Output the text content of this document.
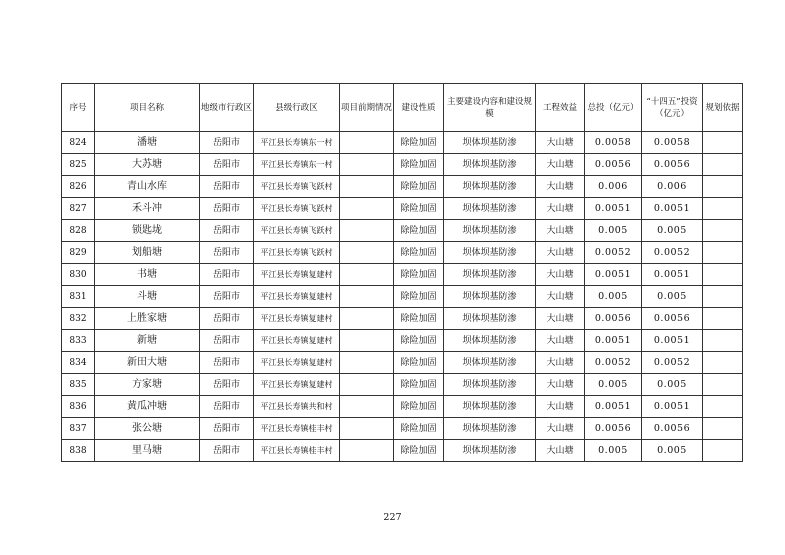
序号	项目名称	地级市行政区	县级行政区	项目前期情况	建设性质	主要建设内容和建设规模	工程效益	总投（亿元）	“十四五”投资（亿元）	规划依据
824	潘塘	岳阳市	平江县长寿镇东一村		除险加固	坝体坝基防渗	大山塘	0.0058	0.0058	
825	大苏塘	岳阳市	平江县长寿镇东一村		除险加固	坝体坝基防渗	大山塘	0.0056	0.0056	
826	青山水库	岳阳市	平江县长寿镇飞跃村		除险加固	坝体坝基防渗	大山塘	0.006	0.006	
827	禾斗冲	岳阳市	平江县长寿镇飞跃村		除险加固	坝体坝基防渗	大山塘	0.0051	0.0051	
828	锁匙垅	岳阳市	平江县长寿镇飞跃村		除险加固	坝体坝基防渗	大山塘	0.005	0.005	
829	划船塘	岳阳市	平江县长寿镇飞跃村		除险加固	坝体坝基防渗	大山塘	0.0052	0.0052	
830	书塘	岳阳市	平江县长寿镇复建村		除险加固	坝体坝基防渗	大山塘	0.0051	0.0051	
831	斗塘	岳阳市	平江县长寿镇复建村		除险加固	坝体坝基防渗	大山塘	0.005	0.005	
832	上胜家塘	岳阳市	平江县长寿镇复建村		除险加固	坝体坝基防渗	大山塘	0.0056	0.0056	
833	新塘	岳阳市	平江县长寿镇复建村		除险加固	坝体坝基防渗	大山塘	0.0051	0.0051	
834	新田大塘	岳阳市	平江县长寿镇复建村		除险加固	坝体坝基防渗	大山塘	0.0052	0.0052	
835	方家塘	岳阳市	平江县长寿镇复建村		除险加固	坝体坝基防渗	大山塘	0.005	0.005	
836	黄瓜冲塘	岳阳市	平江县长寿镇共和村		除险加固	坝体坝基防渗	大山塘	0.0051	0.0051	
837	张公塘	岳阳市	平江县长寿镇桂丰村		除险加固	坝体坝基防渗	大山塘	0.0056	0.0056	
838	里马塘	岳阳市	平江县长寿镇桂丰村		除险加固	坝体坝基防渗	大山塘	0.005	0.005	
227
